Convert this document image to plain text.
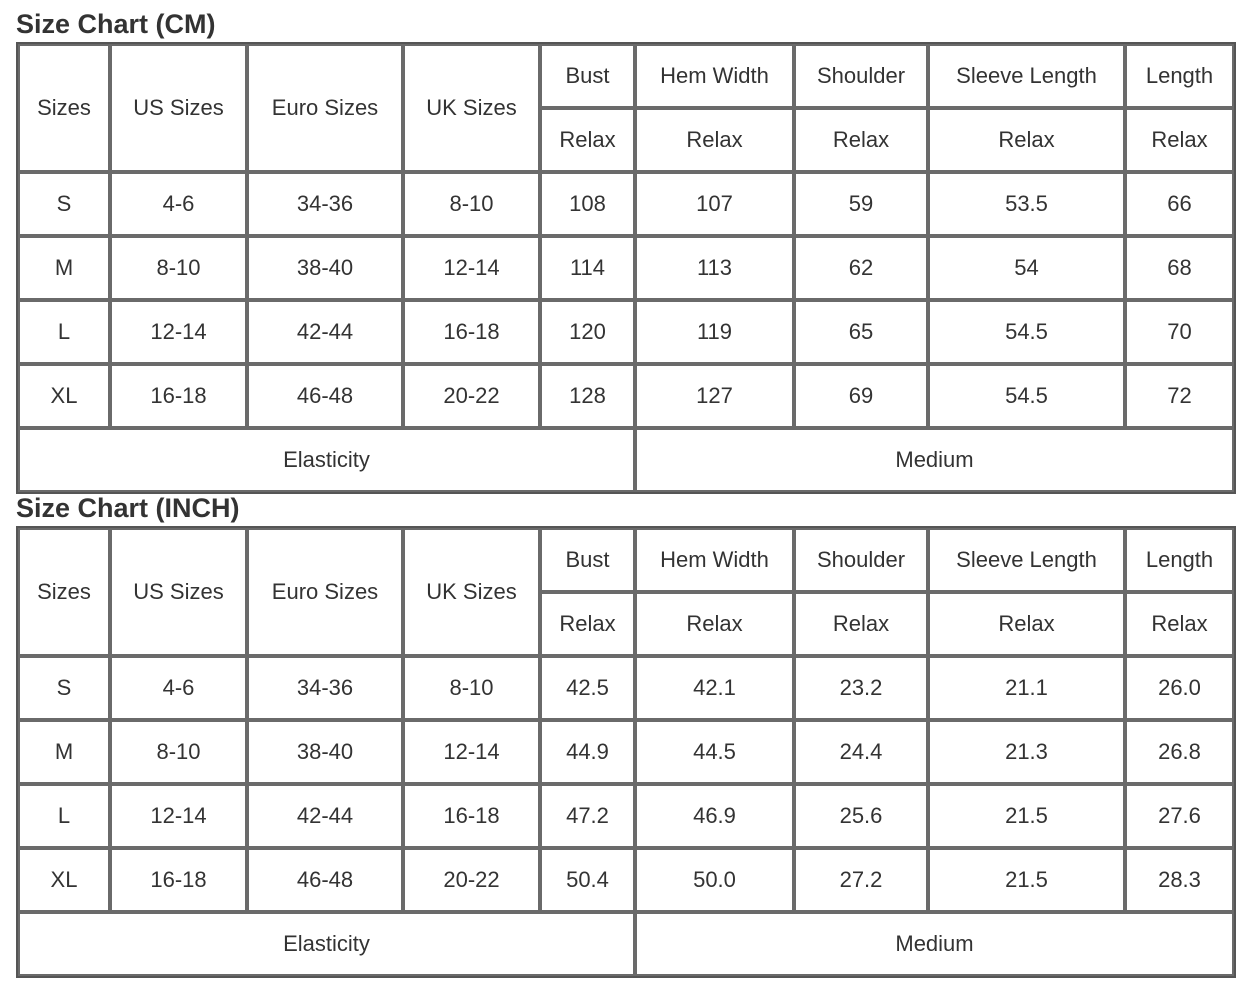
Size Chart (CM)
Sizes	US Sizes	Euro Sizes	UK Sizes	Bust	Hem Width	Shoulder	Sleeve Length	Length
				Relax	Relax	Relax	Relax	Relax
S	4-6	34-36	8-10	108	107	59	53.5	66
M	8-10	38-40	12-14	114	113	62	54	68
L	12-14	42-44	16-18	120	119	65	54.5	70
XL	16-18	46-48	20-22	128	127	69	54.5	72
Elasticity					Medium			
Size Chart (INCH)
Sizes	US Sizes	Euro Sizes	UK Sizes	Bust	Hem Width	Shoulder	Sleeve Length	Length
				Relax	Relax	Relax	Relax	Relax
S	4-6	34-36	8-10	42.5	42.1	23.2	21.1	26.0
M	8-10	38-40	12-14	44.9	44.5	24.4	21.3	26.8
L	12-14	42-44	16-18	47.2	46.9	25.6	21.5	27.6
XL	16-18	46-48	20-22	50.4	50.0	27.2	21.5	28.3
Elasticity					Medium			
